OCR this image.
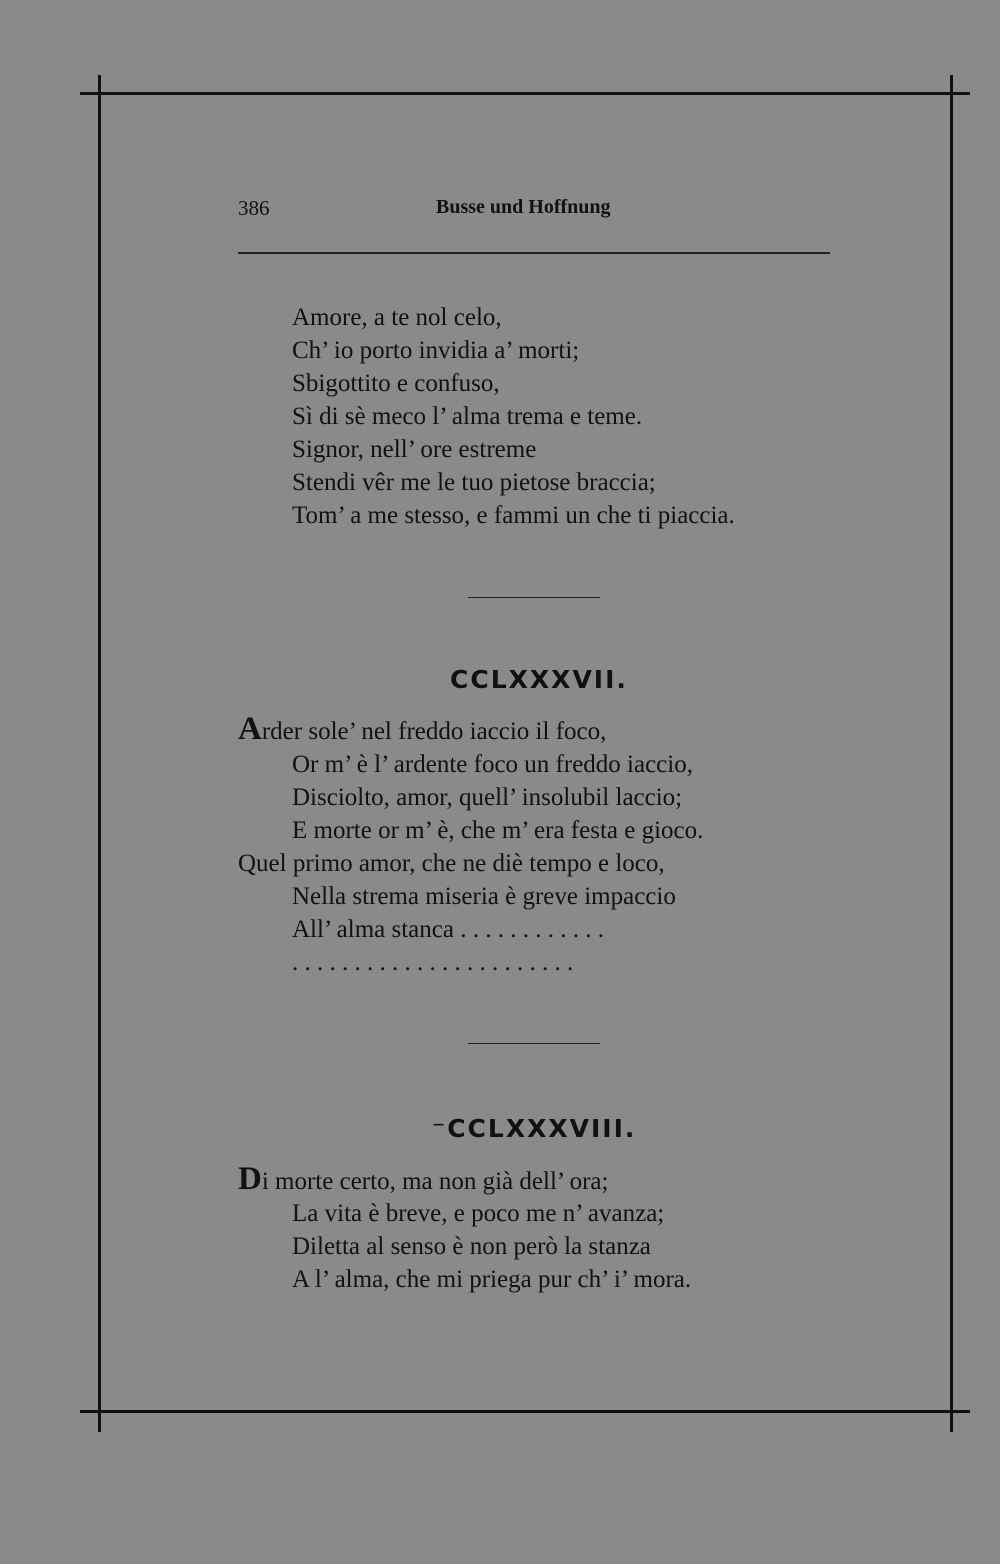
386	Busse und Hoffnung
Amore, a te nol celo,
Ch’ io porto invidia a’ morti;
Sbigottito e confuso,
Sì di sè meco l’ alma trema e teme.
Signor, nell’ ore estreme
Stendi vêr me le tuo pietose braccia;
Tom’ a me stesso, e fammi un che ti piaccia.
CCLXXXVII.
Arder sole’ nel freddo iaccio il foco,
Or m’ è l’ ardente foco un freddo iaccio,
Disciolto, amor, quell’ insolubil laccio;
E morte or m’ è, che m’ era festa e gioco.
Quel primo amor, che ne diè tempo e loco,
Nella strema miseria è greve impaccio
All’ alma stanca . . . . . . . . . . . .
. . . . . . . . . . . . . . . . . . . . . . .
⁻CCLXXXVIII.
Di morte certo, ma non già dell’ ora;
La vita è breve, e poco me n’ avanza;
Diletta al senso è non però la stanza
A l’ alma, che mi priega pur ch’ i’ mora.
